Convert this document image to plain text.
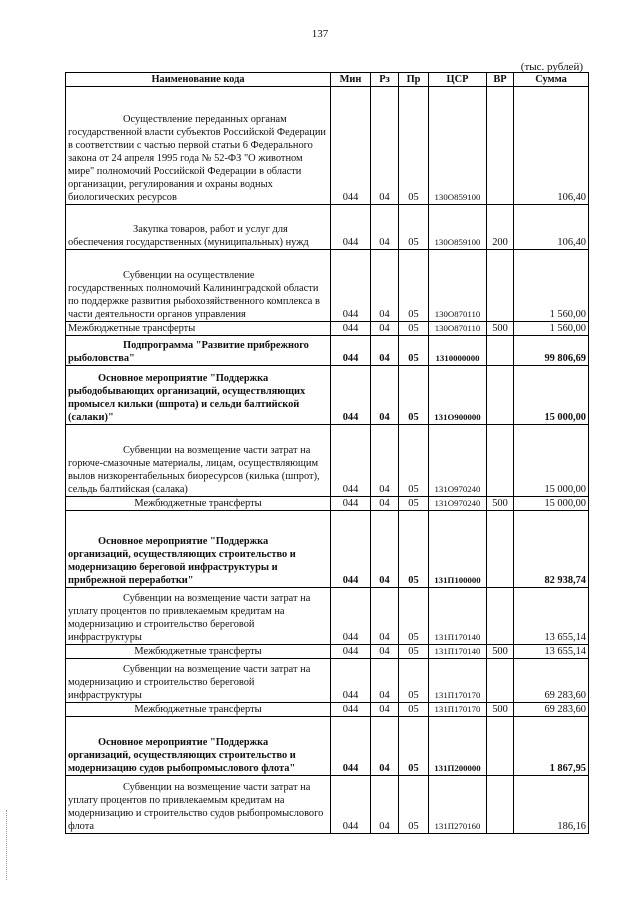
137
(тыс. рублей)
Наименование кода	Мин	Рз	Пр	ЦСР	ВР	Сумма
Осуществление переданных органам государственной власти субъектов Российской Федерации в соответствии с частью первой статьи 6 Федерального закона от 24 апреля 1995 года № 52-ФЗ "О животном мире" полномочий Российской Федерации в области организации, регулирования и охраны водных биологических ресурсов	044	04	05	130О859100		106,40
Закупка товаров, работ и услуг для обеспечения государственных (муниципальных) нужд	044	04	05	130О859100	200	106,40
Субвенции на осуществление государственных полномочий Калининградской области по поддержке развития рыбохозяйственного комплекса в части деятельности органов управления	044	04	05	130О870110		1 560,00
Межбюджетные трансферты	044	04	05	130О870110	500	1 560,00
Подпрограмма "Развитие прибрежного рыболовства"	044	04	05	1310000000		99 806,69
Основное мероприятие "Поддержка рыбодобывающих организаций, осуществляющих промысел кильки (шпрота) и сельди балтийской (салаки)"	044	04	05	131О900000		15 000,00
Субвенции на возмещение части затрат на горюче-смазочные материалы, лицам, осуществляющим вылов низкорентабельных биоресурсов (килька (шпрот), сельдь балтийская (салака)	044	04	05	131О970240		15 000,00
Межбюджетные трансферты	044	04	05	131О970240	500	15 000,00
Основное мероприятие "Поддержка организаций, осуществляющих строительство и модернизацию береговой инфраструктуры и прибрежной переработки"	044	04	05	131П100000		82 938,74
Субвенции на возмещение части затрат на уплату процентов по привлекаемым кредитам на модернизацию и строительство береговой инфраструктуры	044	04	05	131П170140		13 655,14
Межбюджетные трансферты	044	04	05	131П170140	500	13 655,14
Субвенции на возмещение части затрат на модернизацию и строительство береговой инфраструктуры	044	04	05	131П170170		69 283,60
Межбюджетные трансферты	044	04	05	131П170170	500	69 283,60
Основное мероприятие "Поддержка организаций, осуществляющих строительство и модернизацию судов рыбопромыслового флота"	044	04	05	131П200000		1 867,95
Субвенции на возмещение части затрат на уплату процентов по привлекаемым кредитам на модернизацию и строительство судов рыбопромыслового флота	044	04	05	131П270160		186,16
